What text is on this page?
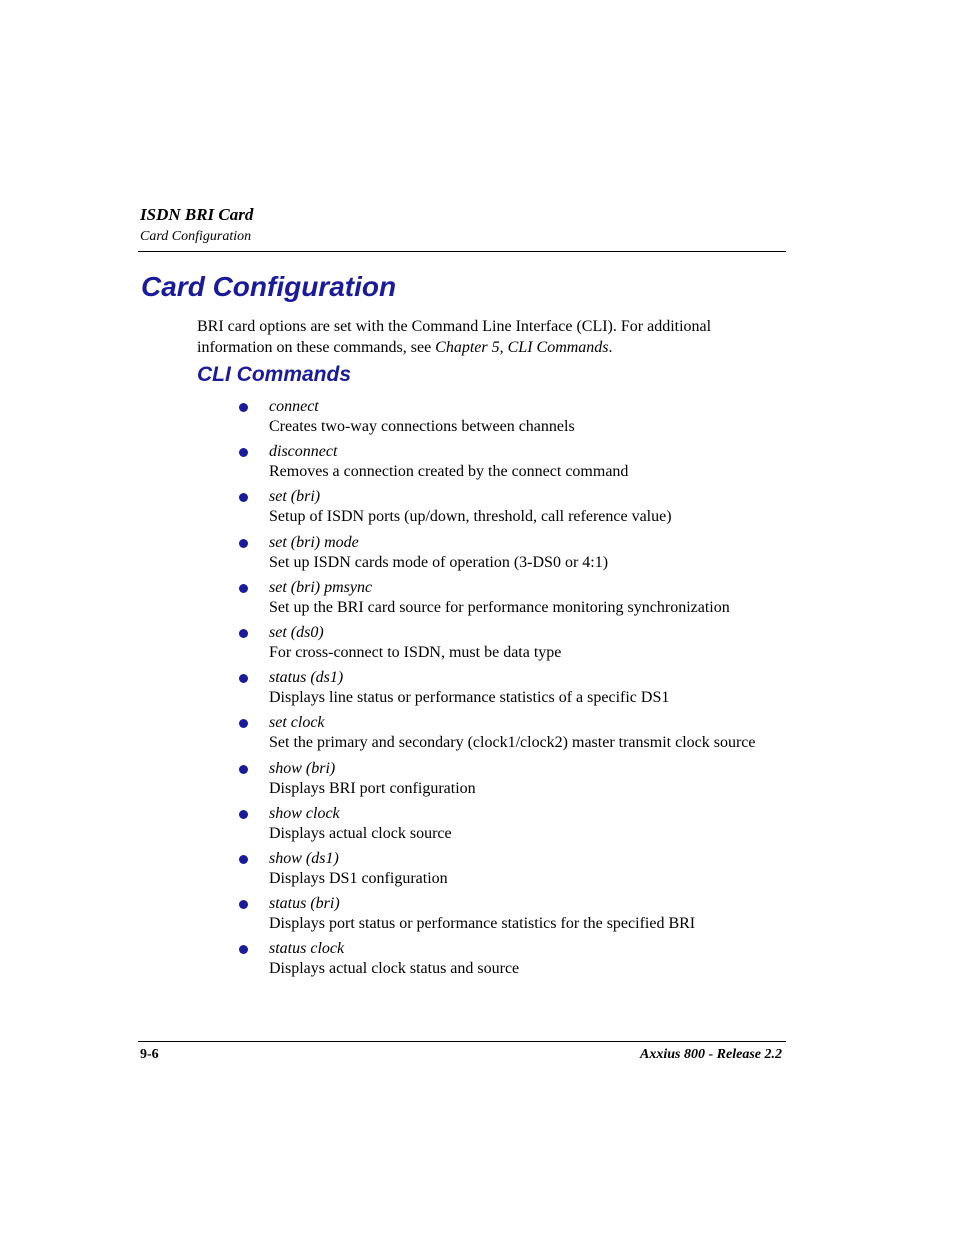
ISDN BRI Card
Card Configuration
Card Configuration

BRI card options are set with the Command Line Interface (CLI). For additional information on these commands, see Chapter 5, CLI Commands.

CLI Commands
connect
Creates two-way connections between channels
disconnect
Removes a connection created by the connect command
set (bri)
Setup of ISDN ports (up/down, threshold, call reference value)
set (bri) mode
Set up ISDN cards mode of operation (3-DS0 or 4:1)
set (bri) pmsync
Set up the BRI card source for performance monitoring synchronization
set (ds0)
For cross-connect to ISDN, must be data type
status (ds1)
Displays line status or performance statistics of a specific DS1
set clock
Set the primary and secondary (clock1/clock2) master transmit clock source
show (bri)
Displays BRI port configuration
show clock
Displays actual clock source
show (ds1)
Displays DS1 configuration
status (bri)
Displays port status or performance statistics for the specified BRI
status clock
Displays actual clock status and source
9-6	Axxius 800 - Release 2.2
